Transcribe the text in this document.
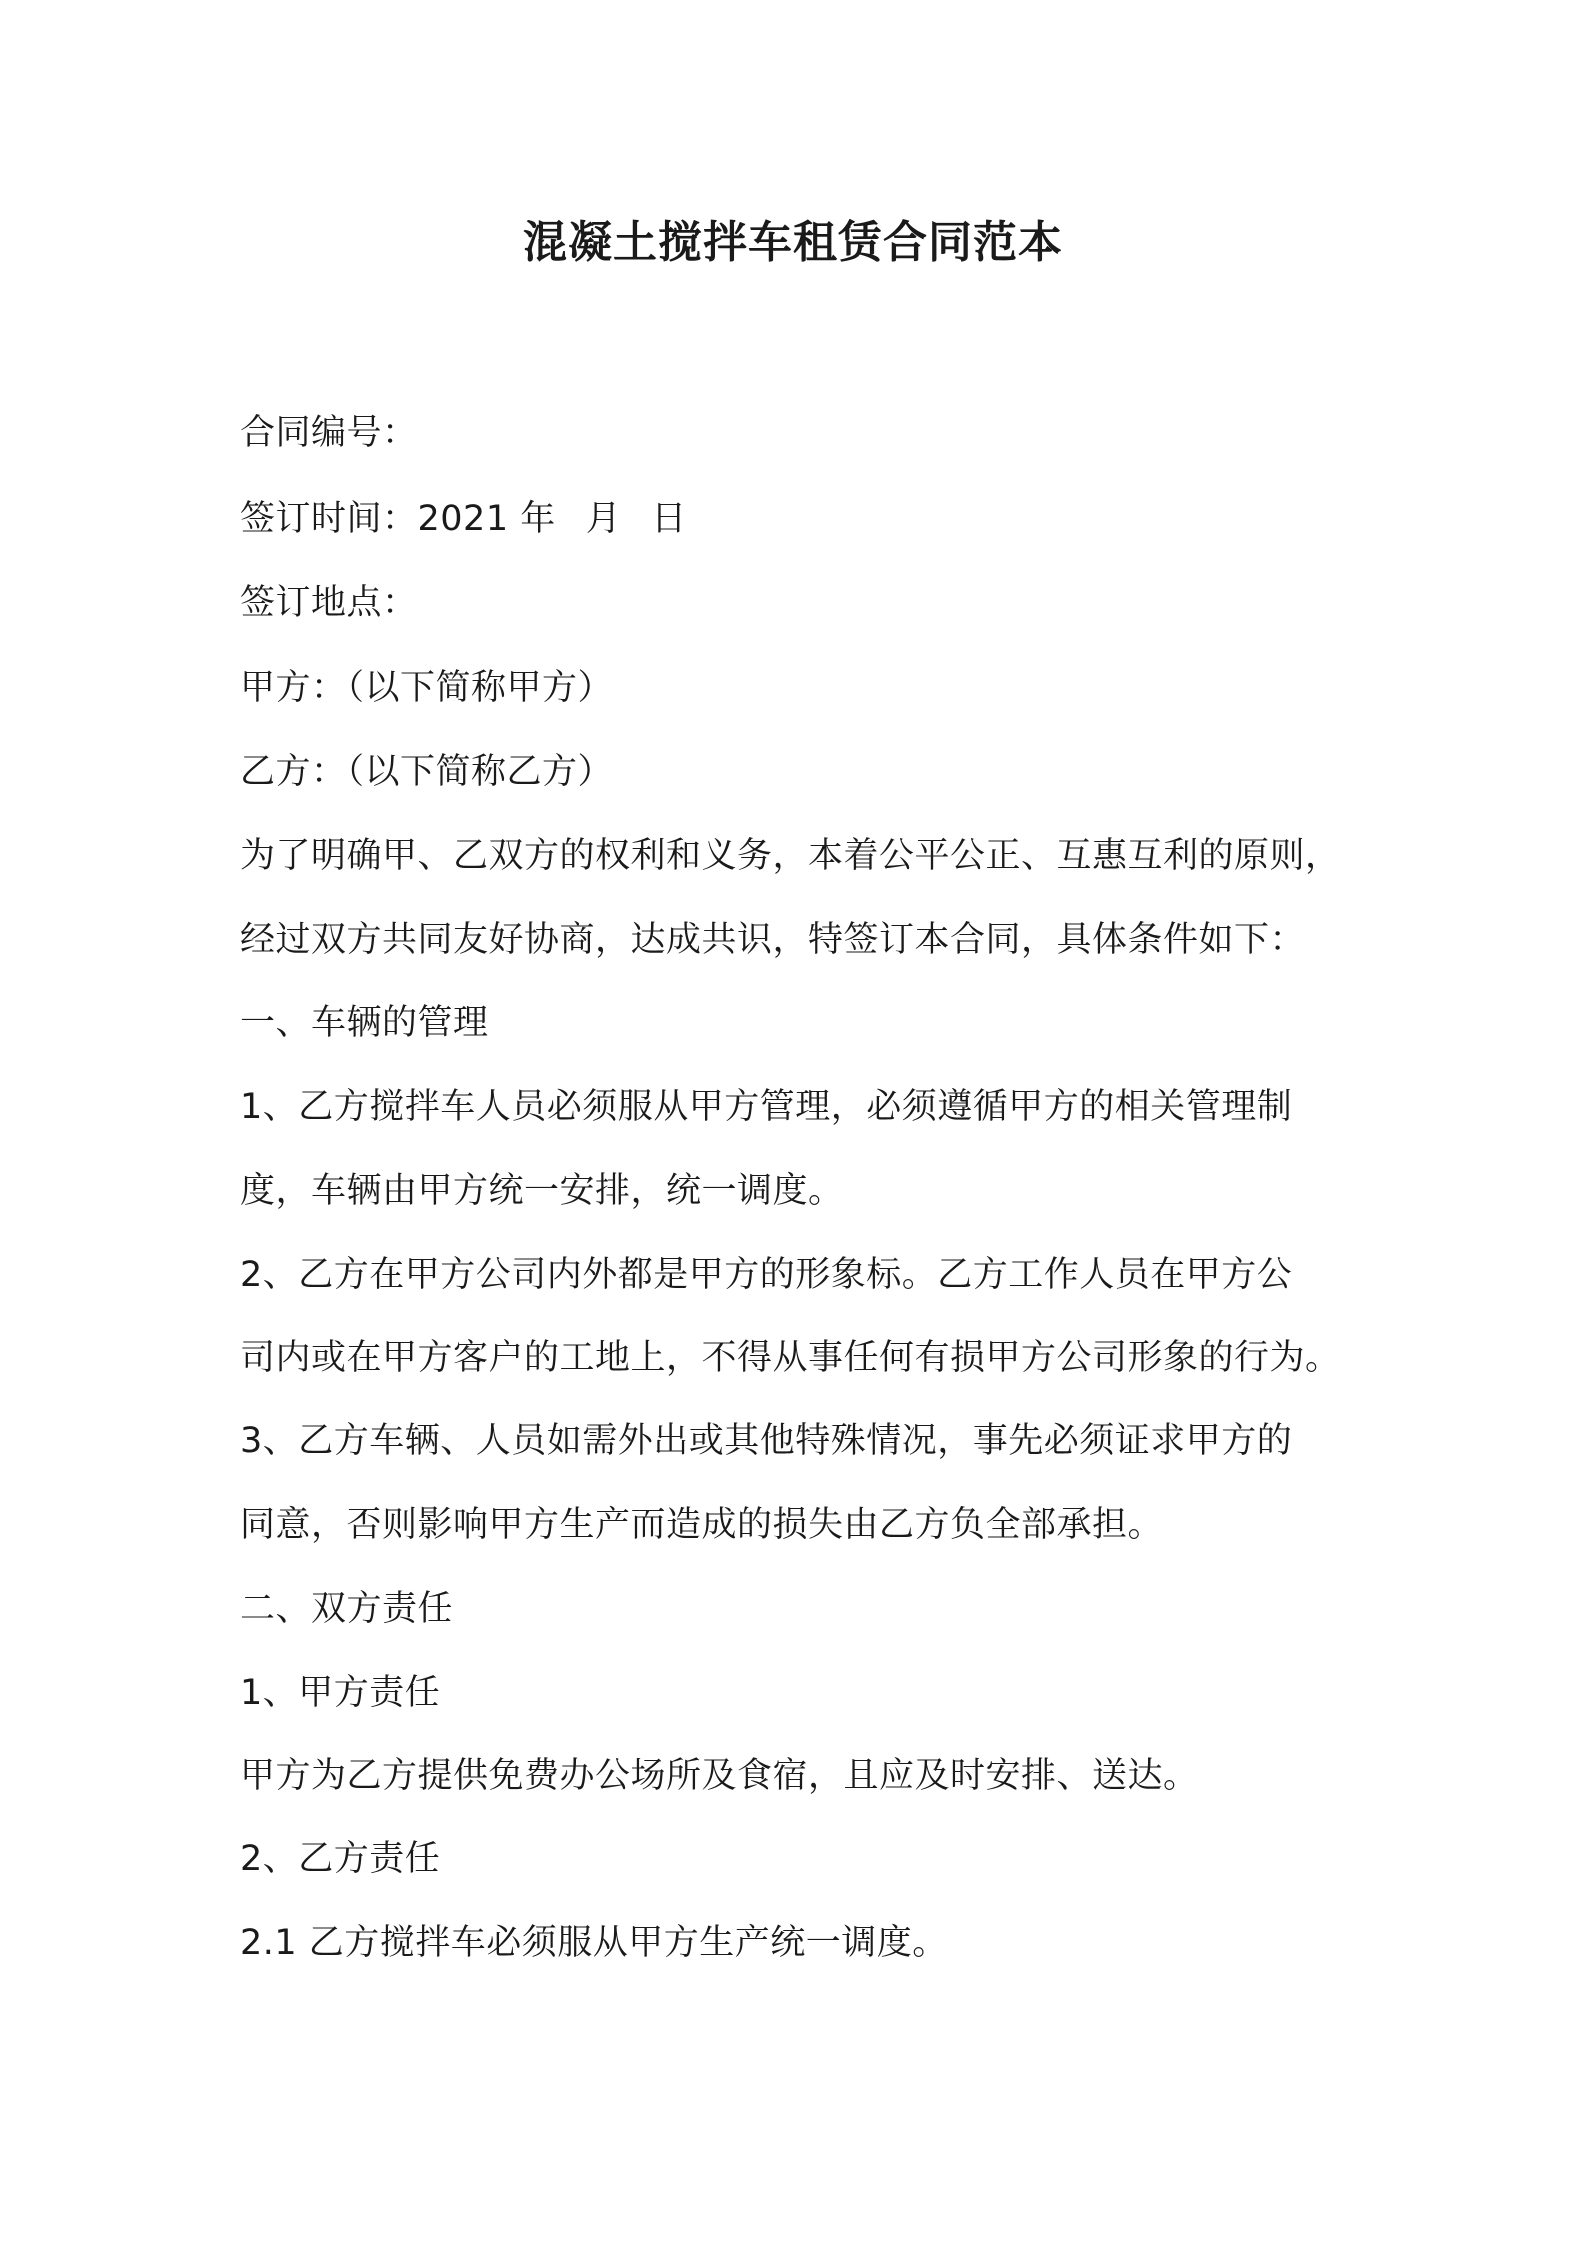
混凝土搅拌车租赁合同范本
合同编号：
签订时间：2021 年 月 日
签订地点：
甲方：（以下简称甲方）
乙方：（以下简称乙方）
为了明确甲、乙双方的权利和义务，本着公平公正、互惠互利的原则，
经过双方共同友好协商，达成共识，特签订本合同，具体条件如下：
一、车辆的管理
1、乙方搅拌车人员必须服从甲方管理，必须遵循甲方的相关管理制
度，车辆由甲方统一安排，统一调度。
2、乙方在甲方公司内外都是甲方的形象标。乙方工作人员在甲方公
司内或在甲方客户的工地上，不得从事任何有损甲方公司形象的行为。
3、乙方车辆、人员如需外出或其他特殊情况，事先必须证求甲方的
同意，否则影响甲方生产而造成的损失由乙方负全部承担。
二、双方责任
1、甲方责任
甲方为乙方提供免费办公场所及食宿，且应及时安排、送达。
2、乙方责任
2.1 乙方搅拌车必须服从甲方生产统一调度。
